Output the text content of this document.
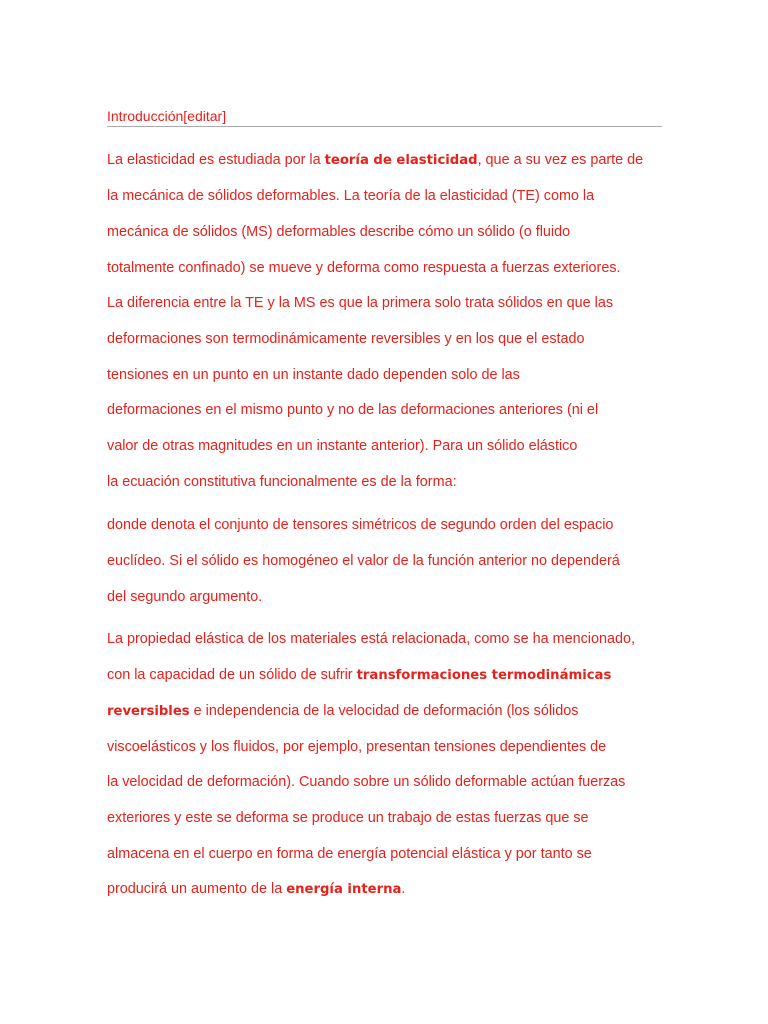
Introducción[editar]
La elasticidad es estudiada por la teoría de elasticidad, que a su vez es parte de
la mecánica de sólidos deformables. La teoría de la elasticidad (TE) como la
mecánica de sólidos (MS) deformables describe cómo un sólido (o fluido
totalmente confinado) se mueve y deforma como respuesta a fuerzas exteriores.
La diferencia entre la TE y la MS es que la primera solo trata sólidos en que las
deformaciones son termodinámicamente reversibles y en los que el estado
tensiones en un punto en un instante dado dependen solo de las
deformaciones en el mismo punto y no de las deformaciones anteriores (ni el
valor de otras magnitudes en un instante anterior). Para un sólido elástico
la ecuación constitutiva funcionalmente es de la forma:
donde denota el conjunto de tensores simétricos de segundo orden del espacio
euclídeo. Si el sólido es homogéneo el valor de la función anterior no dependerá
del segundo argumento.
La propiedad elástica de los materiales está relacionada, como se ha mencionado,
con la capacidad de un sólido de sufrir transformaciones termodinámicas
reversibles e independencia de la velocidad de deformación (los sólidos
viscoelásticos y los fluidos, por ejemplo, presentan tensiones dependientes de
la velocidad de deformación). Cuando sobre un sólido deformable actúan fuerzas
exteriores y este se deforma se produce un trabajo de estas fuerzas que se
almacena en el cuerpo en forma de energía potencial elástica y por tanto se
producirá un aumento de la energía interna.
